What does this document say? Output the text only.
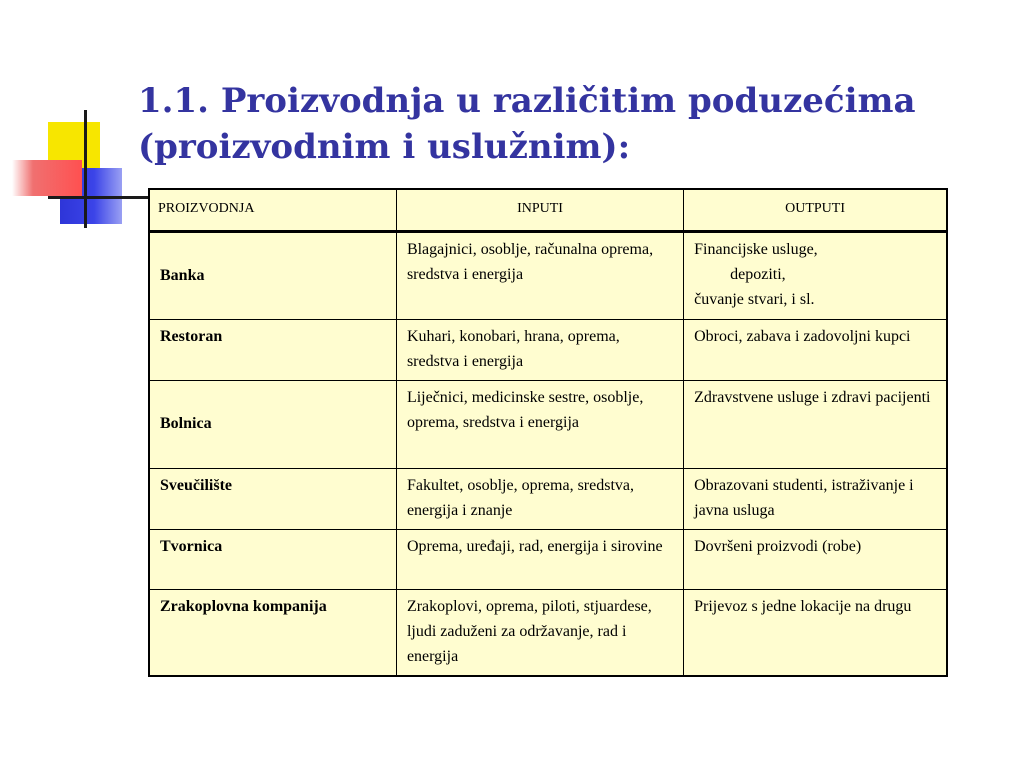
1.1. Proizvodnja u različitim poduzećima
(proizvodnim i uslužnim):
PROIZVODNJA	INPUTI	OUTPUTI
Banka	Blagajnici, osoblje, računalna oprema, sredstva i energija	Financijske usluge,
depoziti,
čuvanje stvari, i sl.
Restoran	Kuhari, konobari, hrana, oprema, sredstva i energija	Obroci, zabava i zadovoljni kupci
Bolnica	Liječnici, medicinske sestre, osoblje, oprema, sredstva i energija	Zdravstvene usluge i zdravi pacijenti
Sveučilište	Fakultet, osoblje, oprema, sredstva, energija i znanje	Obrazovani studenti, istraživanje i javna usluga
Tvornica	Oprema, uređaji, rad, energija i sirovine	Dovršeni proizvodi (robe)
Zrakoplovna kompanija	Zrakoplovi, oprema, piloti, stjuardese, ljudi zaduženi za održavanje, rad i energija	Prijevoz s jedne lokacije na drugu
